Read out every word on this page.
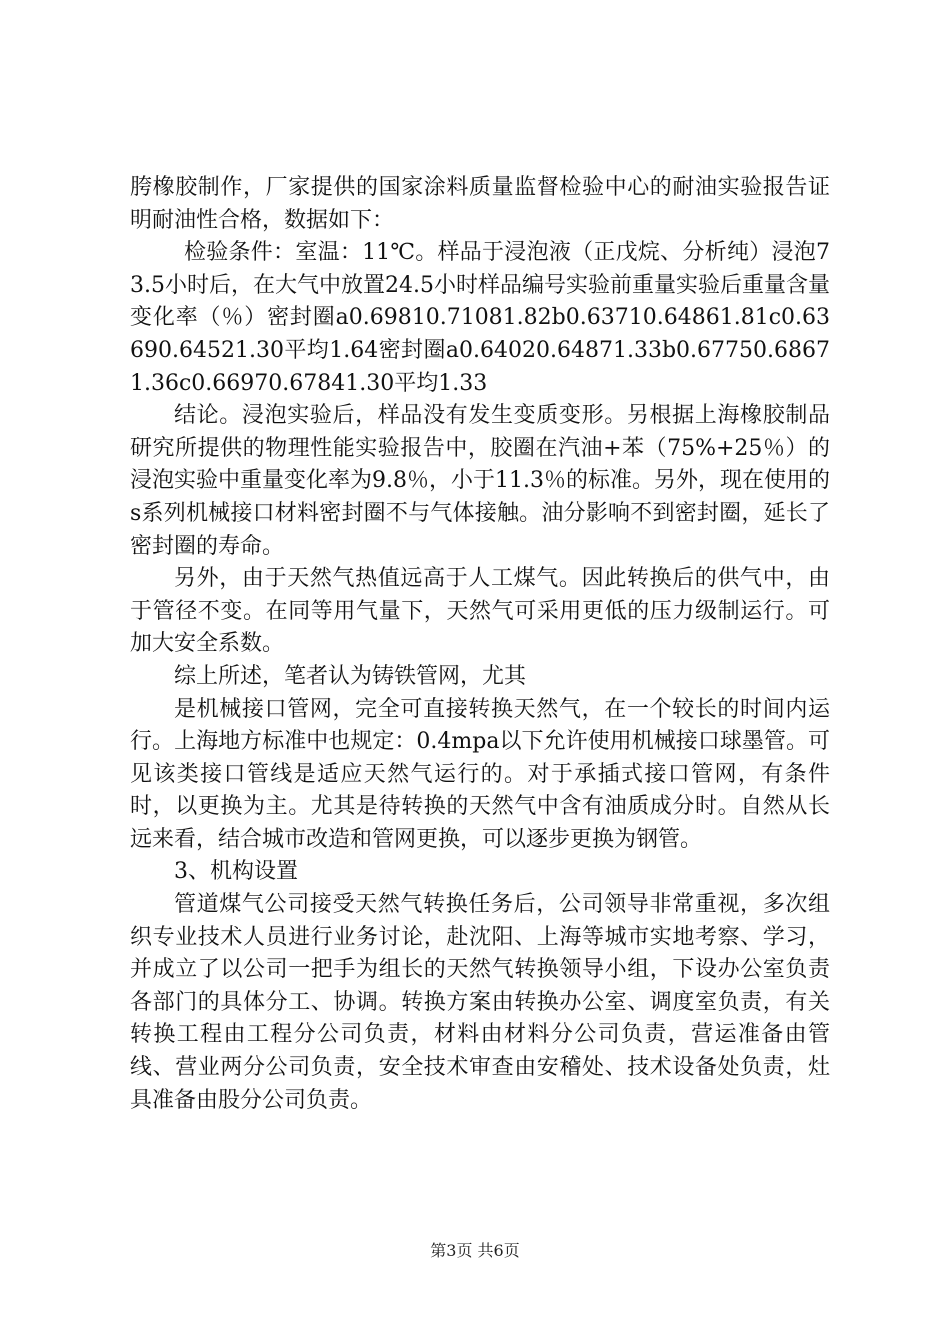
胯橡胶制作，厂家提供的国家涂料质量监督检验中心的耐油实验报告证明耐油性合格，数据如下：

检验条件：室温：11℃。样品于浸泡液（正戊烷、分析纯）浸泡73.5小时后，在大气中放置24.5小时样品编号实验前重量实验后重量含量变化率（％）密封圈a0.69810.71081.82b0.63710.64861.81c0.63690.64521.30平均1.64密封圈a0.64020.64871.33b0.67750.68671.36c0.66970.67841.30平均1.33

结论。浸泡实验后，样品没有发生变质变形。另根据上海橡胶制品研究所提供的物理性能实验报告中，胶圈在汽油+苯（75%+25％）的浸泡实验中重量变化率为9.8％，小于11.3％的标准。另外，现在使用的s系列机械接口材料密封圈不与气体接触。油分影响不到密封圈，延长了密封圈的寿命。

另外，由于天然气热值远高于人工煤气。因此转换后的供气中，由于管径不变。在同等用气量下，天然气可采用更低的压力级制运行。可加大安全系数。

综上所述，笔者认为铸铁管网，尤其

是机械接口管网，完全可直接转换天然气，在一个较长的时间内运行。上海地方标准中也规定：0.4mpa以下允许使用机械接口球墨管。可见该类接口管线是适应天然气运行的。对于承插式接口管网，有条件时，以更换为主。尤其是待转换的天然气中含有油质成分时。自然从长远来看，结合城市改造和管网更换，可以逐步更换为钢管。

3、机构设置

管道煤气公司接受天然气转换任务后，公司领导非常重视，多次组织专业技术人员进行业务讨论，赴沈阳、上海等城市实地考察、学习，并成立了以公司一把手为组长的天然气转换领导小组，下设办公室负责各部门的具体分工、协调。转换方案由转换办公室、调度室负责，有关转换工程由工程分公司负责，材料由材料分公司负责，营运准备由管线、营业两分公司负责，安全技术审查由安稽处、技术设备处负责，灶具准备由股分公司负责。

第3页 共6页
